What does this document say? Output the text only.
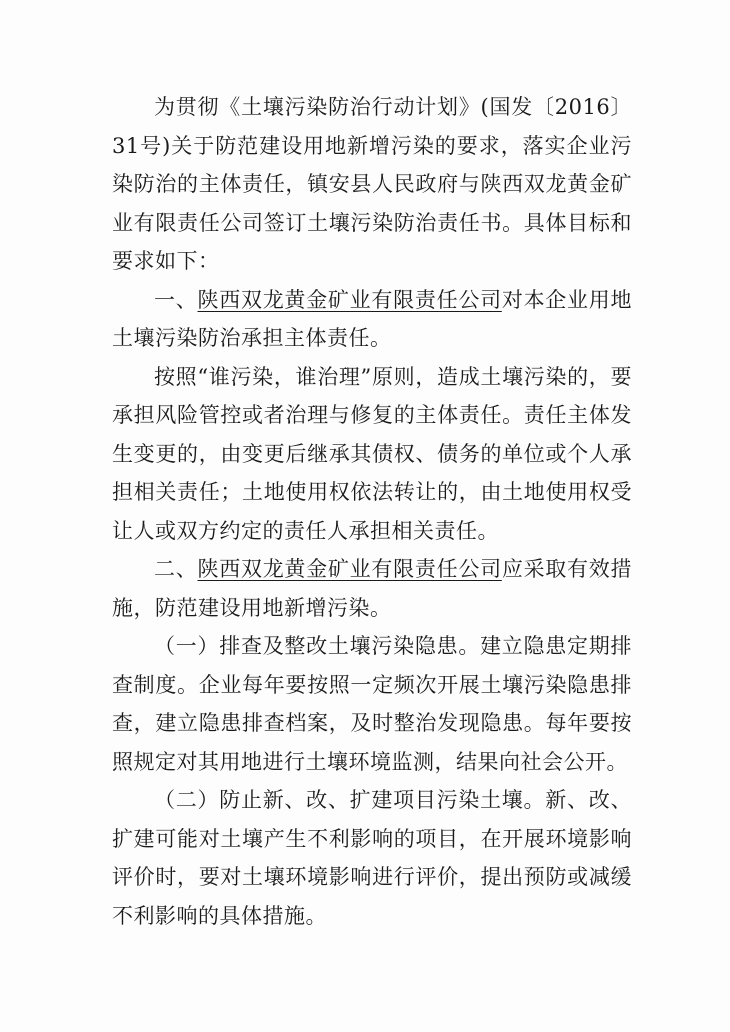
为贯彻《土壤污染防治行动计划》(国发〔2016〕31号)关于防范建设用地新增污染的要求，落实企业污染防治的主体责任，镇安县人民政府与陕西双龙黄金矿业有限责任公司签订土壤污染防治责任书。具体目标和要求如下：

一、陕西双龙黄金矿业有限责任公司对本企业用地土壤污染防治承担主体责任。

按照“谁污染，谁治理”原则，造成土壤污染的，要承担风险管控或者治理与修复的主体责任。责任主体发生变更的，由变更后继承其债权、债务的单位或个人承担相关责任；土地使用权依法转让的，由土地使用权受让人或双方约定的责任人承担相关责任。

二、陕西双龙黄金矿业有限责任公司应采取有效措施，防范建设用地新增污染。

（一）排查及整改土壤污染隐患。建立隐患定期排查制度。企业每年要按照一定频次开展土壤污染隐患排查，建立隐患排查档案，及时整治发现隐患。每年要按照规定对其用地进行土壤环境监测，结果向社会公开。

（二）防止新、改、扩建项目污染土壤。新、改、扩建可能对土壤产生不利影响的项目，在开展环境影响评价时，要对土壤环境影响进行评价，提出预防或减缓不利影响的具体措施。
